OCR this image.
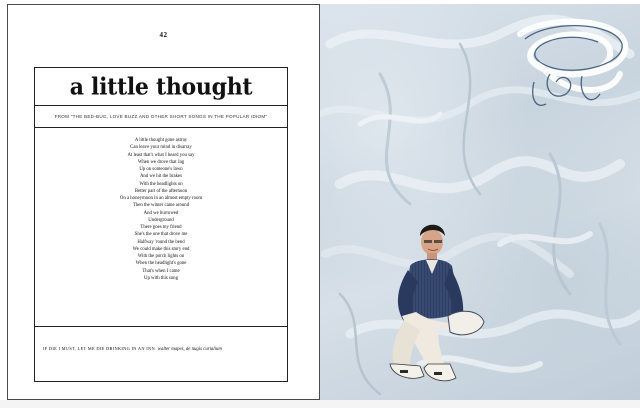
42
a little thought
FROM "THE BED-BUG, LOVE BUZZ AND OTHER SHORT SONGS IN THE POPULAR IDIOM"
A little thought gone astray
Can leave your mind in disarray
At least that's what I heard you say
When we drove that Jag
Up on someone's lawn
And we hit the brakes
With the headlights on
Better part of the afternoon
On a honeymoon in an almost empty room
Then the winter came around
And we burrowed
Underground
There goes my friend
She's the one that drove me
Halfway 'round the bend
We could make this story end
With the porch lights on
When the headlight's gone
That's when I came
Up with this song
IF DIE I MUST, LET ME DIE DRINKING IN AN INN. walter mapes, de nugis curialium
